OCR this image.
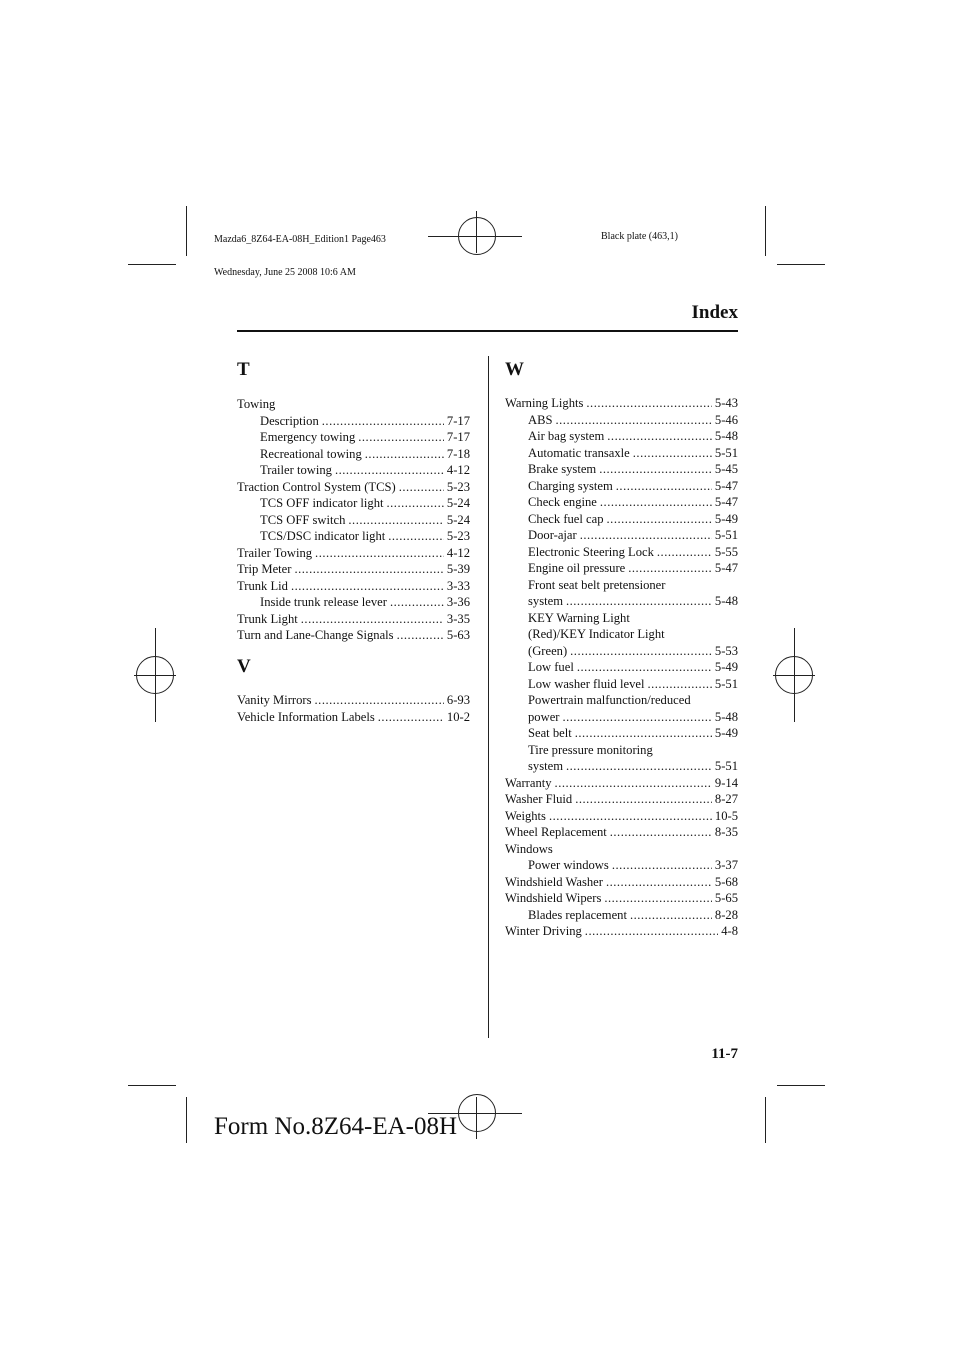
Mazda6_8Z64-EA-08H_Edition1 Page463

Wednesday, June 25 2008 10:6 AM

Black plate (463,1)
Index
T
Towing
Description .....	7-17
Emergency towing .....	7-17
Recreational towing .....	7-18
Trailer towing .....	4-12
Traction Control System (TCS) .....	5-23
TCS OFF indicator light .....	5-24
TCS OFF switch .....	5-24
TCS/DSC indicator light .....	5-23
Trailer Towing .....	4-12
Trip Meter .....	5-39
Trunk Lid .....	3-33
Inside trunk release lever .....	3-36
Trunk Light .....	3-35
Turn and Lane-Change Signals .....	5-63
V
Vanity Mirrors .....	6-93
Vehicle Information Labels .....	10-2
W
Warning Lights .....	5-43
ABS .....	5-46
Air bag system .....	5-48
Automatic transaxle .....	5-51
Brake system .....	5-45
Charging system .....	5-47
Check engine .....	5-47
Check fuel cap .....	5-49
Door-ajar .....	5-51
Electronic Steering Lock .....	5-55
Engine oil pressure .....	5-47
Front seat belt pretensioner
system .....	5-48
KEY Warning Light
(Red)/KEY Indicator Light
(Green) .....	5-53
Low fuel .....	5-49
Low washer fluid level .....	5-51
Powertrain malfunction/reduced
power .....	5-48
Seat belt .....	5-49
Tire pressure monitoring
system .....	5-51
Warranty .....	9-14
Washer Fluid .....	8-27
Weights .....	10-5
Wheel Replacement .....	8-35
Windows
Power windows .....	3-37
Windshield Washer .....	5-68
Windshield Wipers .....	5-65
Blades replacement .....	8-28
Winter Driving .....	4-8
11-7
Form No.8Z64-EA-08H
